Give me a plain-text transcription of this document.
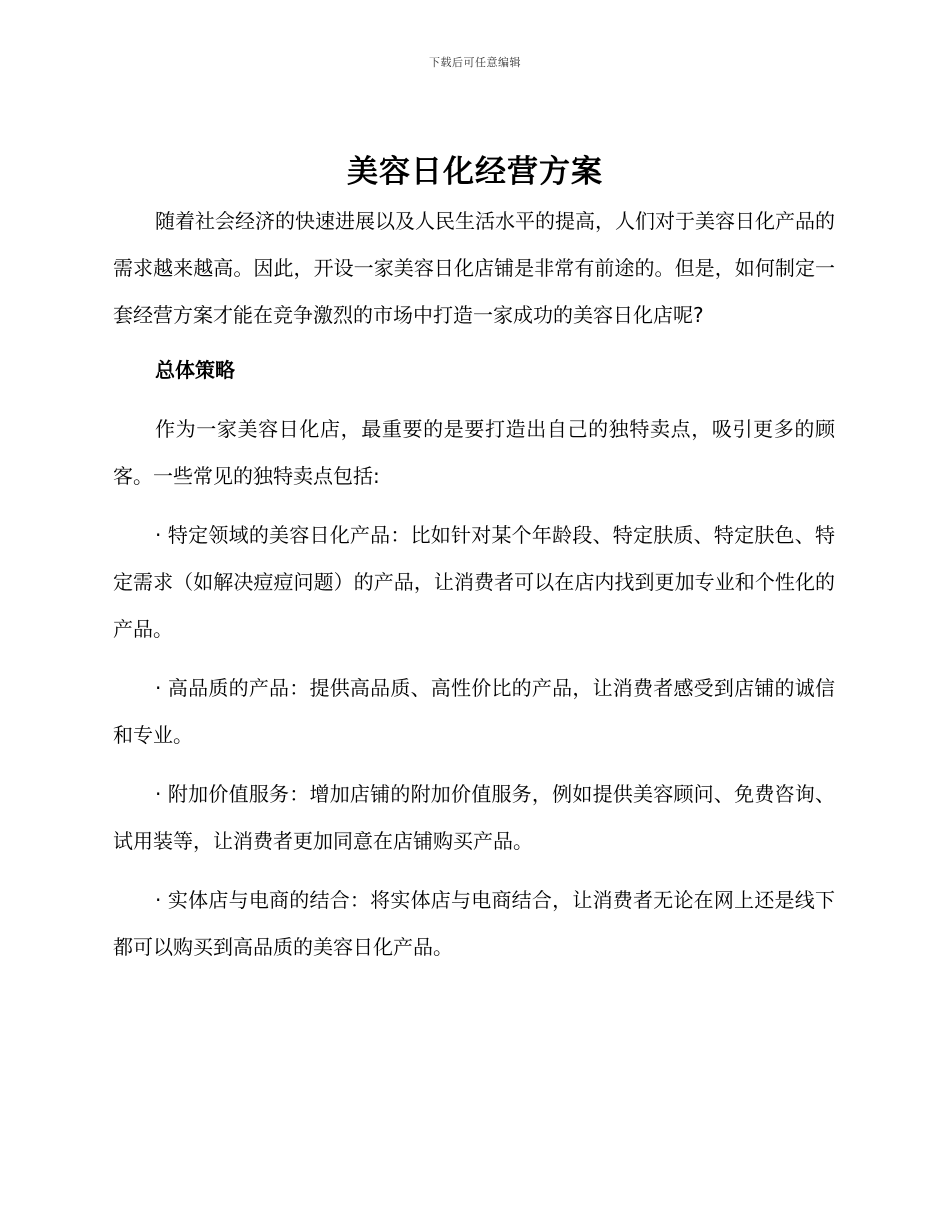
下载后可任意编辑
美容日化经营方案

随着社会经济的快速进展以及人民生活水平的提高，人们对于美容日化产品的需求越来越高。因此，开设一家美容日化店铺是非常有前途的。但是，如何制定一套经营方案才能在竞争激烈的市场中打造一家成功的美容日化店呢?

总体策略

作为一家美容日化店，最重要的是要打造出自己的独特卖点，吸引更多的顾客。一些常见的独特卖点包括:

· 特定领域的美容日化产品：比如针对某个年龄段、特定肤质、特定肤色、特定需求（如解决痘痘问题）的产品，让消费者可以在店内找到更加专业和个性化的产品。

· 高品质的产品：提供高品质、高性价比的产品，让消费者感受到店铺的诚信和专业。

· 附加价值服务：增加店铺的附加价值服务，例如提供美容顾问、免费咨询、试用装等，让消费者更加同意在店铺购买产品。

· 实体店与电商的结合：将实体店与电商结合，让消费者无论在网上还是线下都可以购买到高品质的美容日化产品。
